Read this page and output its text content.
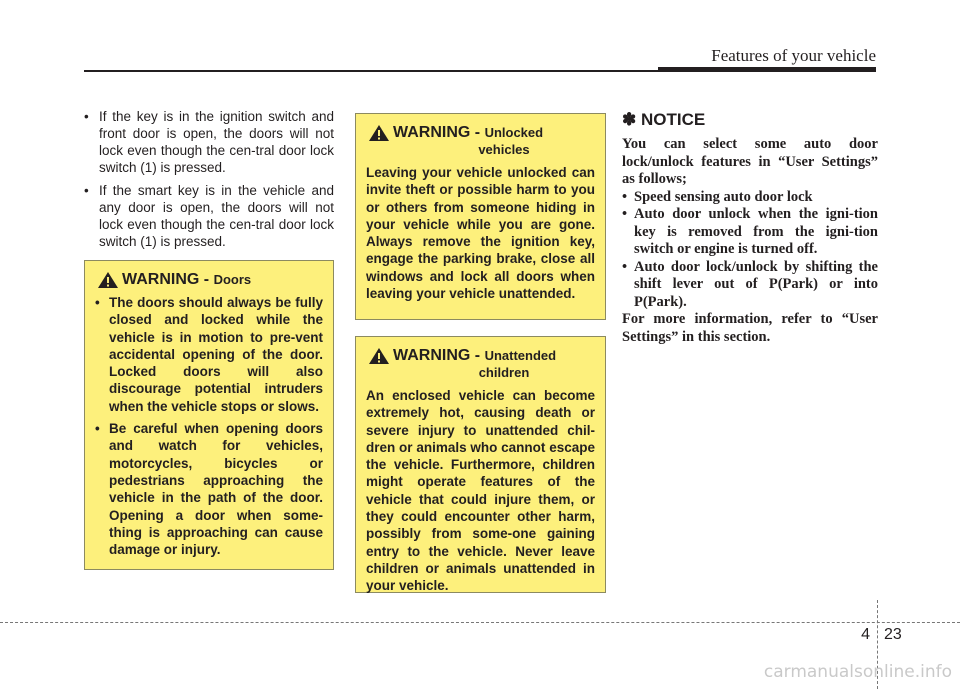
Features of your vehicle
• If the key is in the ignition switch and front door is open, the doors will not lock even though the cen-tral door lock switch (1) is pressed.
• If the smart key is in the vehicle and any door is open, the doors will not lock even though the cen-tral door lock switch (1) is pressed.
WARNING - Doors
• The doors should always be fully closed and locked while the vehicle is in motion to pre-vent accidental opening of the door. Locked doors will also discourage potential intruders when the vehicle stops or slows.
• Be careful when opening doors and watch for vehicles, motorcycles, bicycles or pedestrians approaching the vehicle in the path of the door. Opening a door when some-thing is approaching can cause damage or injury.
WARNING - Unlocked
vehicles

Leaving your vehicle unlocked can invite theft or possible harm to you or others from someone hiding in your vehicle while you are gone. Always remove the ignition key, engage the parking brake, close all windows and lock all doors when leaving your vehicle unattended.

WARNING - Unattended
children

An enclosed vehicle can become extremely hot, causing death or severe injury to unattended chil-dren or animals who cannot escape the vehicle. Furthermore, children might operate features of the vehicle that could injure them, or they could encounter other harm, possibly from some-one gaining entry to the vehicle. Never leave children or animals unattended in your vehicle.

✽ NOTICE

You can select some auto door lock/unlock features in “User Settings” as follows;

• Speed sensing auto door lock
• Auto door unlock when the igni-tion key is removed from the igni-tion switch or engine is turned off.
• Auto door lock/unlock by shifting the shift lever out of P(Park) or into P(Park).

For more information, refer to “User Settings” in this section.

4 23
carmanualsonline.info
